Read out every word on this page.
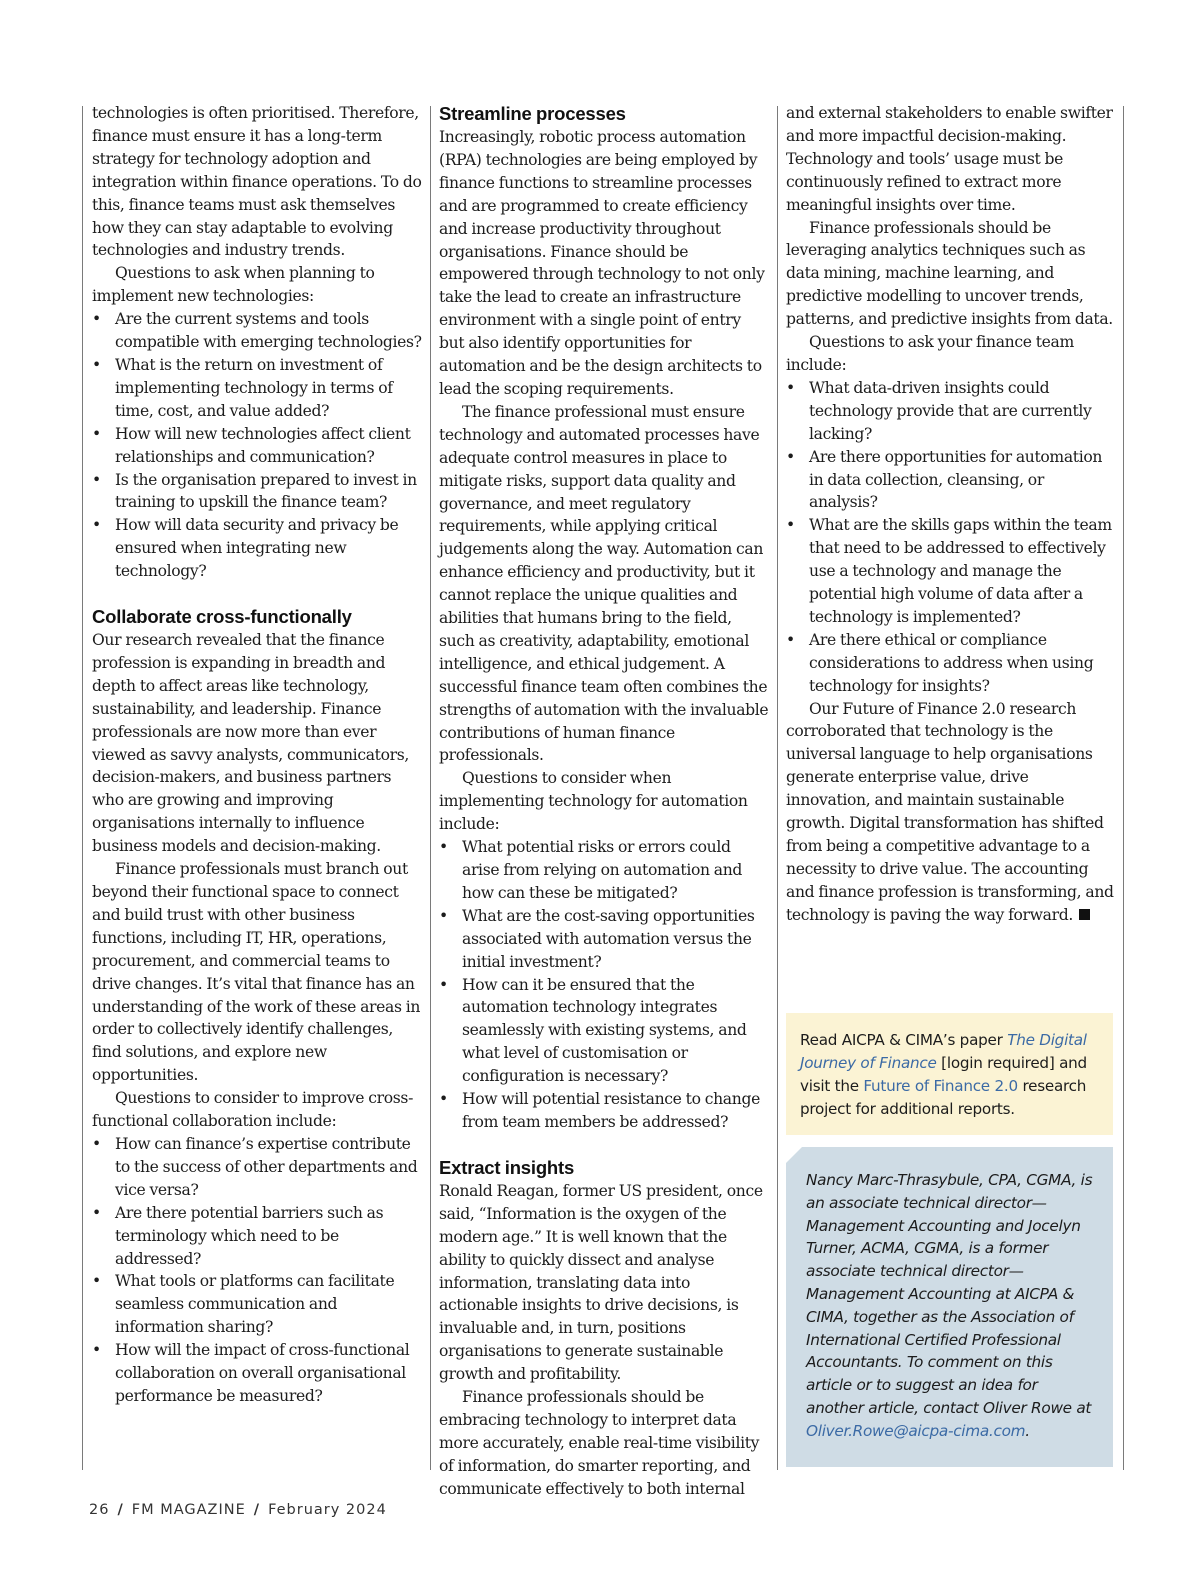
technologies is often prioritised. Therefore, finance must ensure it has a long-term strategy for technology adoption and integration within finance operations. To do this, finance teams must ask themselves how they can stay adaptable to evolving technologies and industry trends.

Questions to ask when planning to implement new technologies:

• Are the current systems and tools compatible with emerging technologies?
• What is the return on investment of implementing technology in terms of time, cost, and value added?
• How will new technologies affect client relationships and communication?
• Is the organisation prepared to invest in training to upskill the finance team?
• How will data security and privacy be ensured when integrating new technology?
Collaborate cross-functionally

Our research revealed that the finance profession is expanding in breadth and depth to affect areas like technology, sustainability, and leadership. Finance professionals are now more than ever viewed as savvy analysts, communicators, decision-makers, and business partners who are growing and improving organisations internally to influence business models and decision-making.

Finance professionals must branch out beyond their functional space to connect and build trust with other business functions, including IT, HR, operations, procurement, and commercial teams to drive changes. It’s vital that finance has an understanding of the work of these areas in order to collectively identify challenges, find solutions, and explore new opportunities.

Questions to consider to improve cross-functional collaboration include:

• How can finance’s expertise contribute to the success of other departments and vice versa?
• Are there potential barriers such as terminology which need to be addressed?
• What tools or platforms can facilitate seamless communication and information sharing?
• How will the impact of cross-functional collaboration on overall organisational performance be measured?
Streamline processes

Increasingly, robotic process automation (RPA) technologies are being employed by finance functions to streamline processes and are programmed to create efficiency and increase productivity throughout organisations. Finance should be empowered through technology to not only take the lead to create an infrastructure environment with a single point of entry but also identify opportunities for automation and be the design architects to lead the scoping requirements.

The finance professional must ensure technology and automated processes have adequate control measures in place to mitigate risks, support data quality and governance, and meet regulatory requirements, while applying critical judgements along the way. Automation can enhance efficiency and productivity, but it cannot replace the unique qualities and abilities that humans bring to the field, such as creativity, adaptability, emotional intelligence, and ethical judgement. A successful finance team often combines the strengths of automation with the invaluable contributions of human finance professionals.

Questions to consider when implementing technology for automation include:

• What potential risks or errors could arise from relying on automation and how can these be mitigated?
• What are the cost-saving opportunities associated with automation versus the initial investment?
• How can it be ensured that the automation technology integrates seamlessly with existing systems, and what level of customisation or configuration is necessary?
• How will potential resistance to change from team members be addressed?
Extract insights

Ronald Reagan, former US president, once said, “Information is the oxygen of the modern age.” It is well known that the ability to quickly dissect and analyse information, translating data into actionable insights to drive decisions, is invaluable and, in turn, positions organisations to generate sustainable growth and profitability.

Finance professionals should be embracing technology to interpret data more accurately, enable real-time visibility of information, do smarter reporting, and communicate effectively to both internal

and external stakeholders to enable swifter and more impactful decision-making. Technology and tools’ usage must be continuously refined to extract more meaningful insights over time.

Finance professionals should be leveraging analytics techniques such as data mining, machine learning, and predictive modelling to uncover trends, patterns, and predictive insights from data.

Questions to ask your finance team include:

• What data-driven insights could technology provide that are currently lacking?
• Are there opportunities for automation in data collection, cleansing, or analysis?
• What are the skills gaps within the team that need to be addressed to effectively use a technology and manage the potential high volume of data after a technology is implemented?
• Are there ethical or compliance considerations to address when using technology for insights?

Our Future of Finance 2.0 research corroborated that technology is the universal language to help organisations generate enterprise value, drive innovation, and maintain sustainable growth. Digital transformation has shifted from being a competitive advantage to a necessity to drive value. The accounting and finance profession is transforming, and technology is paving the way forward.

Read AICPA & CIMA’s paper The Digital Journey of Finance [login required] and visit the Future of Finance 2.0 research project for additional reports.
Nancy Marc-Thrasybule, CPA, CGMA, is an associate technical director—Management Accounting and Jocelyn Turner, ACMA, CGMA, is a former associate technical director—Management Accounting at AICPA & CIMA, together as the Association of International Certified Professional Accountants. To comment on this article or to suggest an idea for another article, contact Oliver Rowe at Oliver.Rowe@aicpa-cima.com.
26 / FM MAGAZINE / February 2024
